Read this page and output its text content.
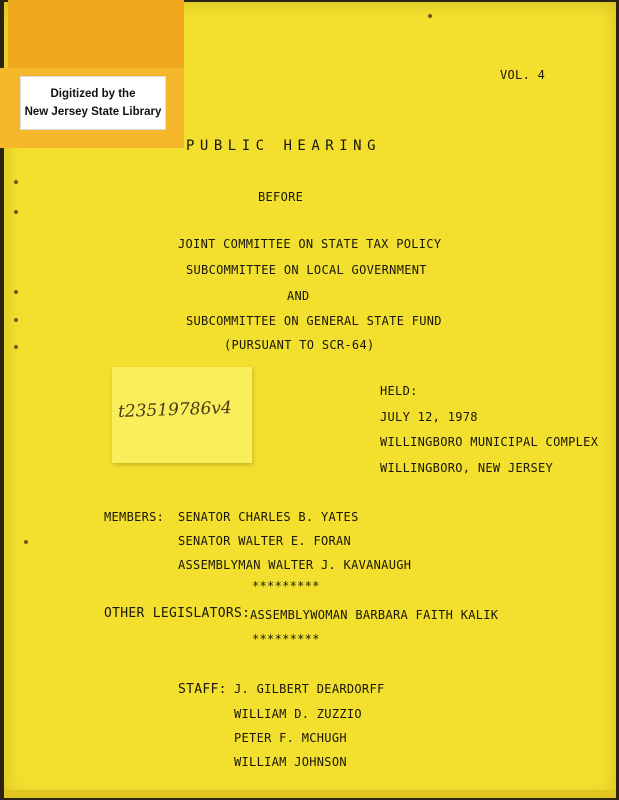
Digitized by the
New Jersey State Library
t23519786v4
VOL. 4
PUBLIC HEARING
BEFORE
JOINT COMMITTEE ON STATE TAX POLICY
SUBCOMMITTEE ON LOCAL GOVERNMENT
AND
SUBCOMMITTEE ON GENERAL STATE FUND
(PURSUANT TO SCR-64)
HELD:
JULY 12, 1978
WILLINGBORO MUNICIPAL COMPLEX
WILLINGBORO, NEW JERSEY
MEMBERS: SENATOR CHARLES B. YATES
SENATOR WALTER E. FORAN
ASSEMBLYMAN WALTER J. KAVANAUGH
*********
OTHER LEGISLATORS: ASSEMBLYWOMAN BARBARA FAITH KALIK
*********
STAFF: J. GILBERT DEARDORFF
WILLIAM D. ZUZZIO
PETER F. MCHUGH
WILLIAM JOHNSON
